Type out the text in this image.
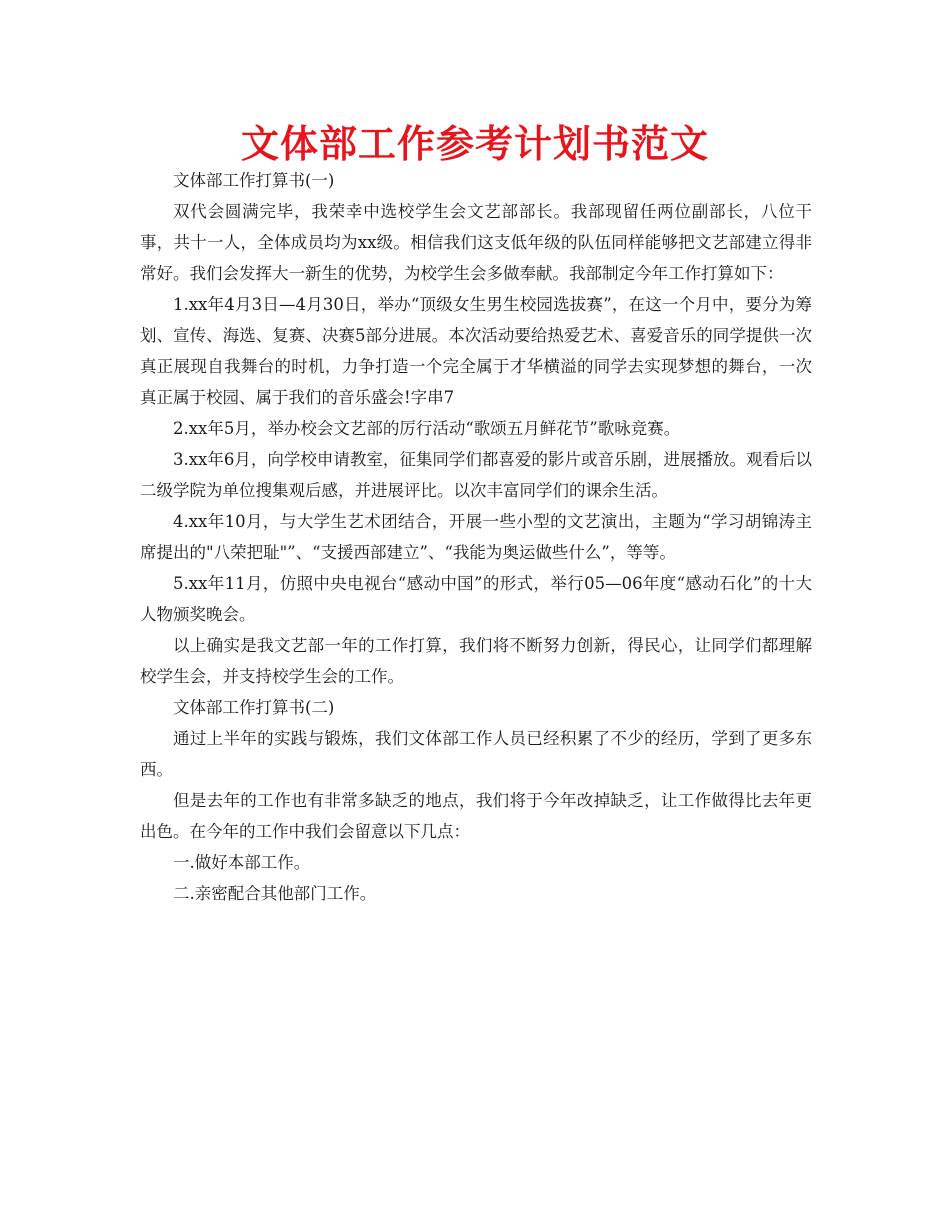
文体部工作参考计划书范文

文体部工作打算书(一)

双代会圆满完毕，我荣幸中选校学生会文艺部部长。我部现留任两位副部长，八位干事，共十一人，全体成员均为xx级。相信我们这支低年级的队伍同样能够把文艺部建立得非常好。我们会发挥大一新生的优势，为校学生会多做奉献。我部制定今年工作打算如下：

1.xx年4月3日—4月30日，举办“顶级女生男生校园选拔赛”，在这一个月中，要分为筹划、宣传、海选、复赛、决赛5部分进展。本次活动要给热爱艺术、喜爱音乐的同学提供一次真正展现自我舞台的时机，力争打造一个完全属于才华横溢的同学去实现梦想的舞台，一次真正属于校园、属于我们的音乐盛会!字串7

2.xx年5月，举办校会文艺部的厉行活动“歌颂五月鲜花节”歌咏竞赛。

3.xx年6月，向学校申请教室，征集同学们都喜爱的影片或音乐剧，进展播放。观看后以二级学院为单位搜集观后感，并进展评比。以次丰富同学们的课余生活。

4.xx年10月，与大学生艺术团结合，开展一些小型的文艺演出，主题为“学习胡锦涛主席提出的"八荣把耻"”、“支援西部建立”、“我能为奥运做些什么”，等等。

5.xx年11月，仿照中央电视台“感动中国”的形式，举行05—06年度“感动石化”的十大人物颁奖晚会。

以上确实是我文艺部一年的工作打算，我们将不断努力创新，得民心，让同学们都理解校学生会，并支持校学生会的工作。

文体部工作打算书(二)

通过上半年的实践与锻炼，我们文体部工作人员已经积累了不少的经历，学到了更多东西。

但是去年的工作也有非常多缺乏的地点，我们将于今年改掉缺乏，让工作做得比去年更出色。在今年的工作中我们会留意以下几点：

一.做好本部工作。

二.亲密配合其他部门工作。
